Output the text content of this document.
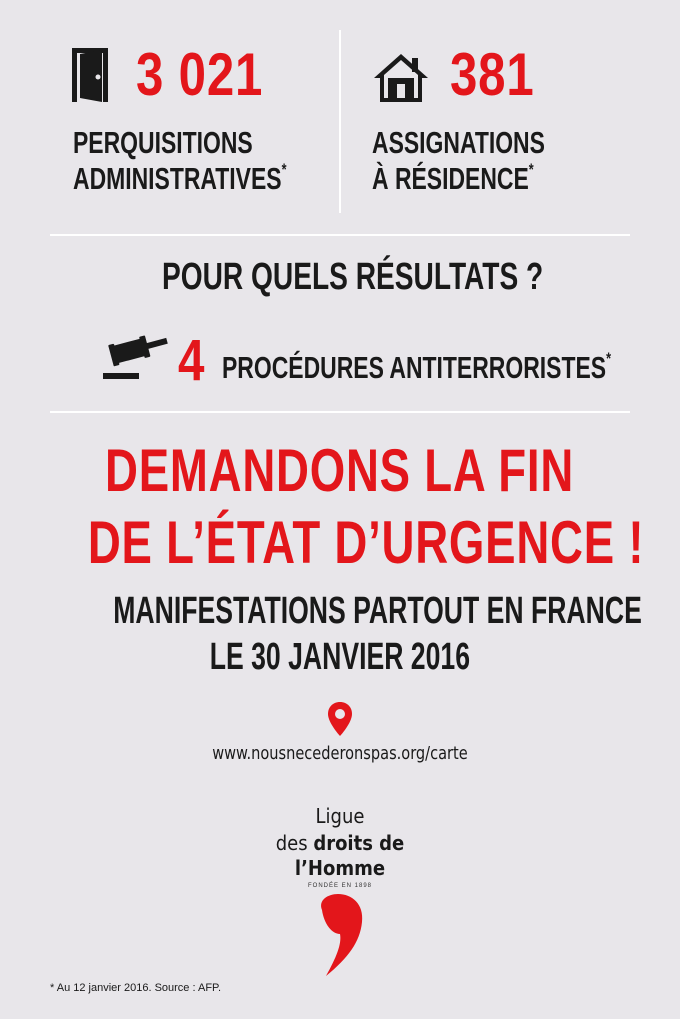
3 021
PERQUISITIONS
ADMINISTRATIVES*
381
ASSIGNATIONS
À RÉSIDENCE*
POUR QUELS RÉSULTATS ?
4 PROCÉDURES ANTITERRORISTES*
DEMANDONS LA FIN
DE L’ÉTAT D’URGENCE !
MANIFESTATIONS PARTOUT EN FRANCE
LE 30 JANVIER 2016
www.nousnecederonspas.org/carte
Ligue
des droits de
l’Homme
FONDÉE EN 1898
* Au 12 janvier 2016. Source : AFP.
